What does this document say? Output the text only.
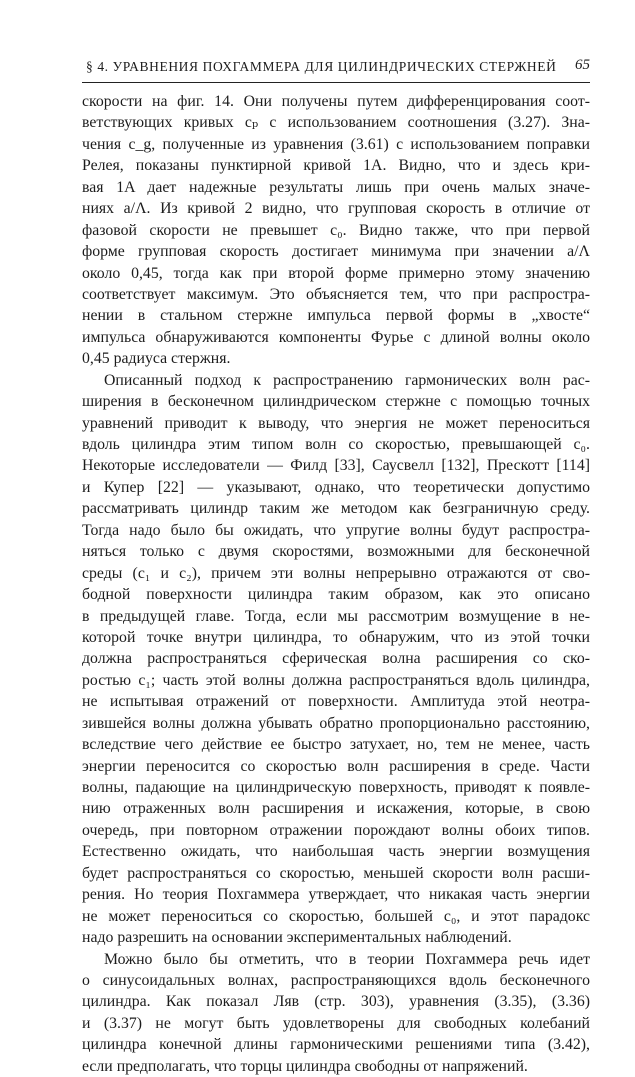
§ 4. УРАВНЕНИЯ ПОХГАММЕРА ДЛЯ ЦИЛИНДРИЧЕСКИХ СТЕРЖНЕЙ 65
скорости на фиг. 14. Они получены путем дифференцирования соот-
ветствующих кривых cₚ с использованием соотношения (3.27). Зна-
чения c_g, полученные из уравнения (3.61) с использованием поправки
Релея, показаны пунктирной кривой 1A. Видно, что и здесь кри-
вая 1A дает надежные результаты лишь при очень малых значе-
ниях a/Λ. Из кривой 2 видно, что групповая скорость в отличие от
фазовой скорости не превышет c₀. Видно также, что при первой
форме групповая скорость достигает минимума при значении a/Λ
около 0,45, тогда как при второй форме примерно этому значению
соответствует максимум. Это объясняется тем, что при распростра-
нении в стальном стержне импульса первой формы в „хвосте“
импульса обнаруживаются компоненты Фурье с длиной волны около
0,45 радиуса стержня.
Описанный подход к распространению гармонических волн рас-
ширения в бесконечном цилиндрическом стержне с помощью точных
уравнений приводит к выводу, что энергия не может переноситься
вдоль цилиндра этим типом волн со скоростью, превышающей c₀.
Некоторые исследователи — Филд [33], Саусвелл [132], Прескотт [114]
и Купер [22] — указывают, однако, что теоретически допустимо
рассматривать цилиндр таким же методом как безграничную среду.
Тогда надо было бы ожидать, что упругие волны будут распростра-
няться только с двумя скоростями, возможными для бесконечной
среды (c₁ и c₂), причем эти волны непрерывно отражаются от сво-
бодной поверхности цилиндра таким образом, как это описано
в предыдущей главе. Тогда, если мы рассмотрим возмущение в не-
которой точке внутри цилиндра, то обнаружим, что из этой точки
должна распространяться сферическая волна расширения со ско-
ростью c₁; часть этой волны должна распространяться вдоль цилиндра,
не испытывая отражений от поверхности. Амплитуда этой неотра-
зившейся волны должна убывать обратно пропорционально расстоянию,
вследствие чего действие ее быстро затухает, но, тем не менее, часть
энергии переносится со скоростью волн расширения в среде. Части
волны, падающие на цилиндрическую поверхность, приводят к появле-
нию отраженных волн расширения и искажения, которые, в свою
очередь, при повторном отражении порождают волны обоих типов.
Естественно ожидать, что наибольшая часть энергии возмущения
будет распространяться со скоростью, меньшей скорости волн расши-
рения. Но теория Похгаммера утверждает, что никакая часть энергии
не может переноситься со скоростью, большей c₀, и этот парадокс
надо разрешить на основании экспериментальных наблюдений.
Можно было бы отметить, что в теории Похгаммера речь идет
о синусоидальных волнах, распространяющихся вдоль бесконечного
цилиндра. Как показал Ляв (стр. 303), уравнения (3.35), (3.36)
и (3.37) не могут быть удовлетворены для свободных колебаний
цилиндра конечной длины гармоническими решениями типа (3.42),
если предполагать, что торцы цилиндра свободны от напряжений.
